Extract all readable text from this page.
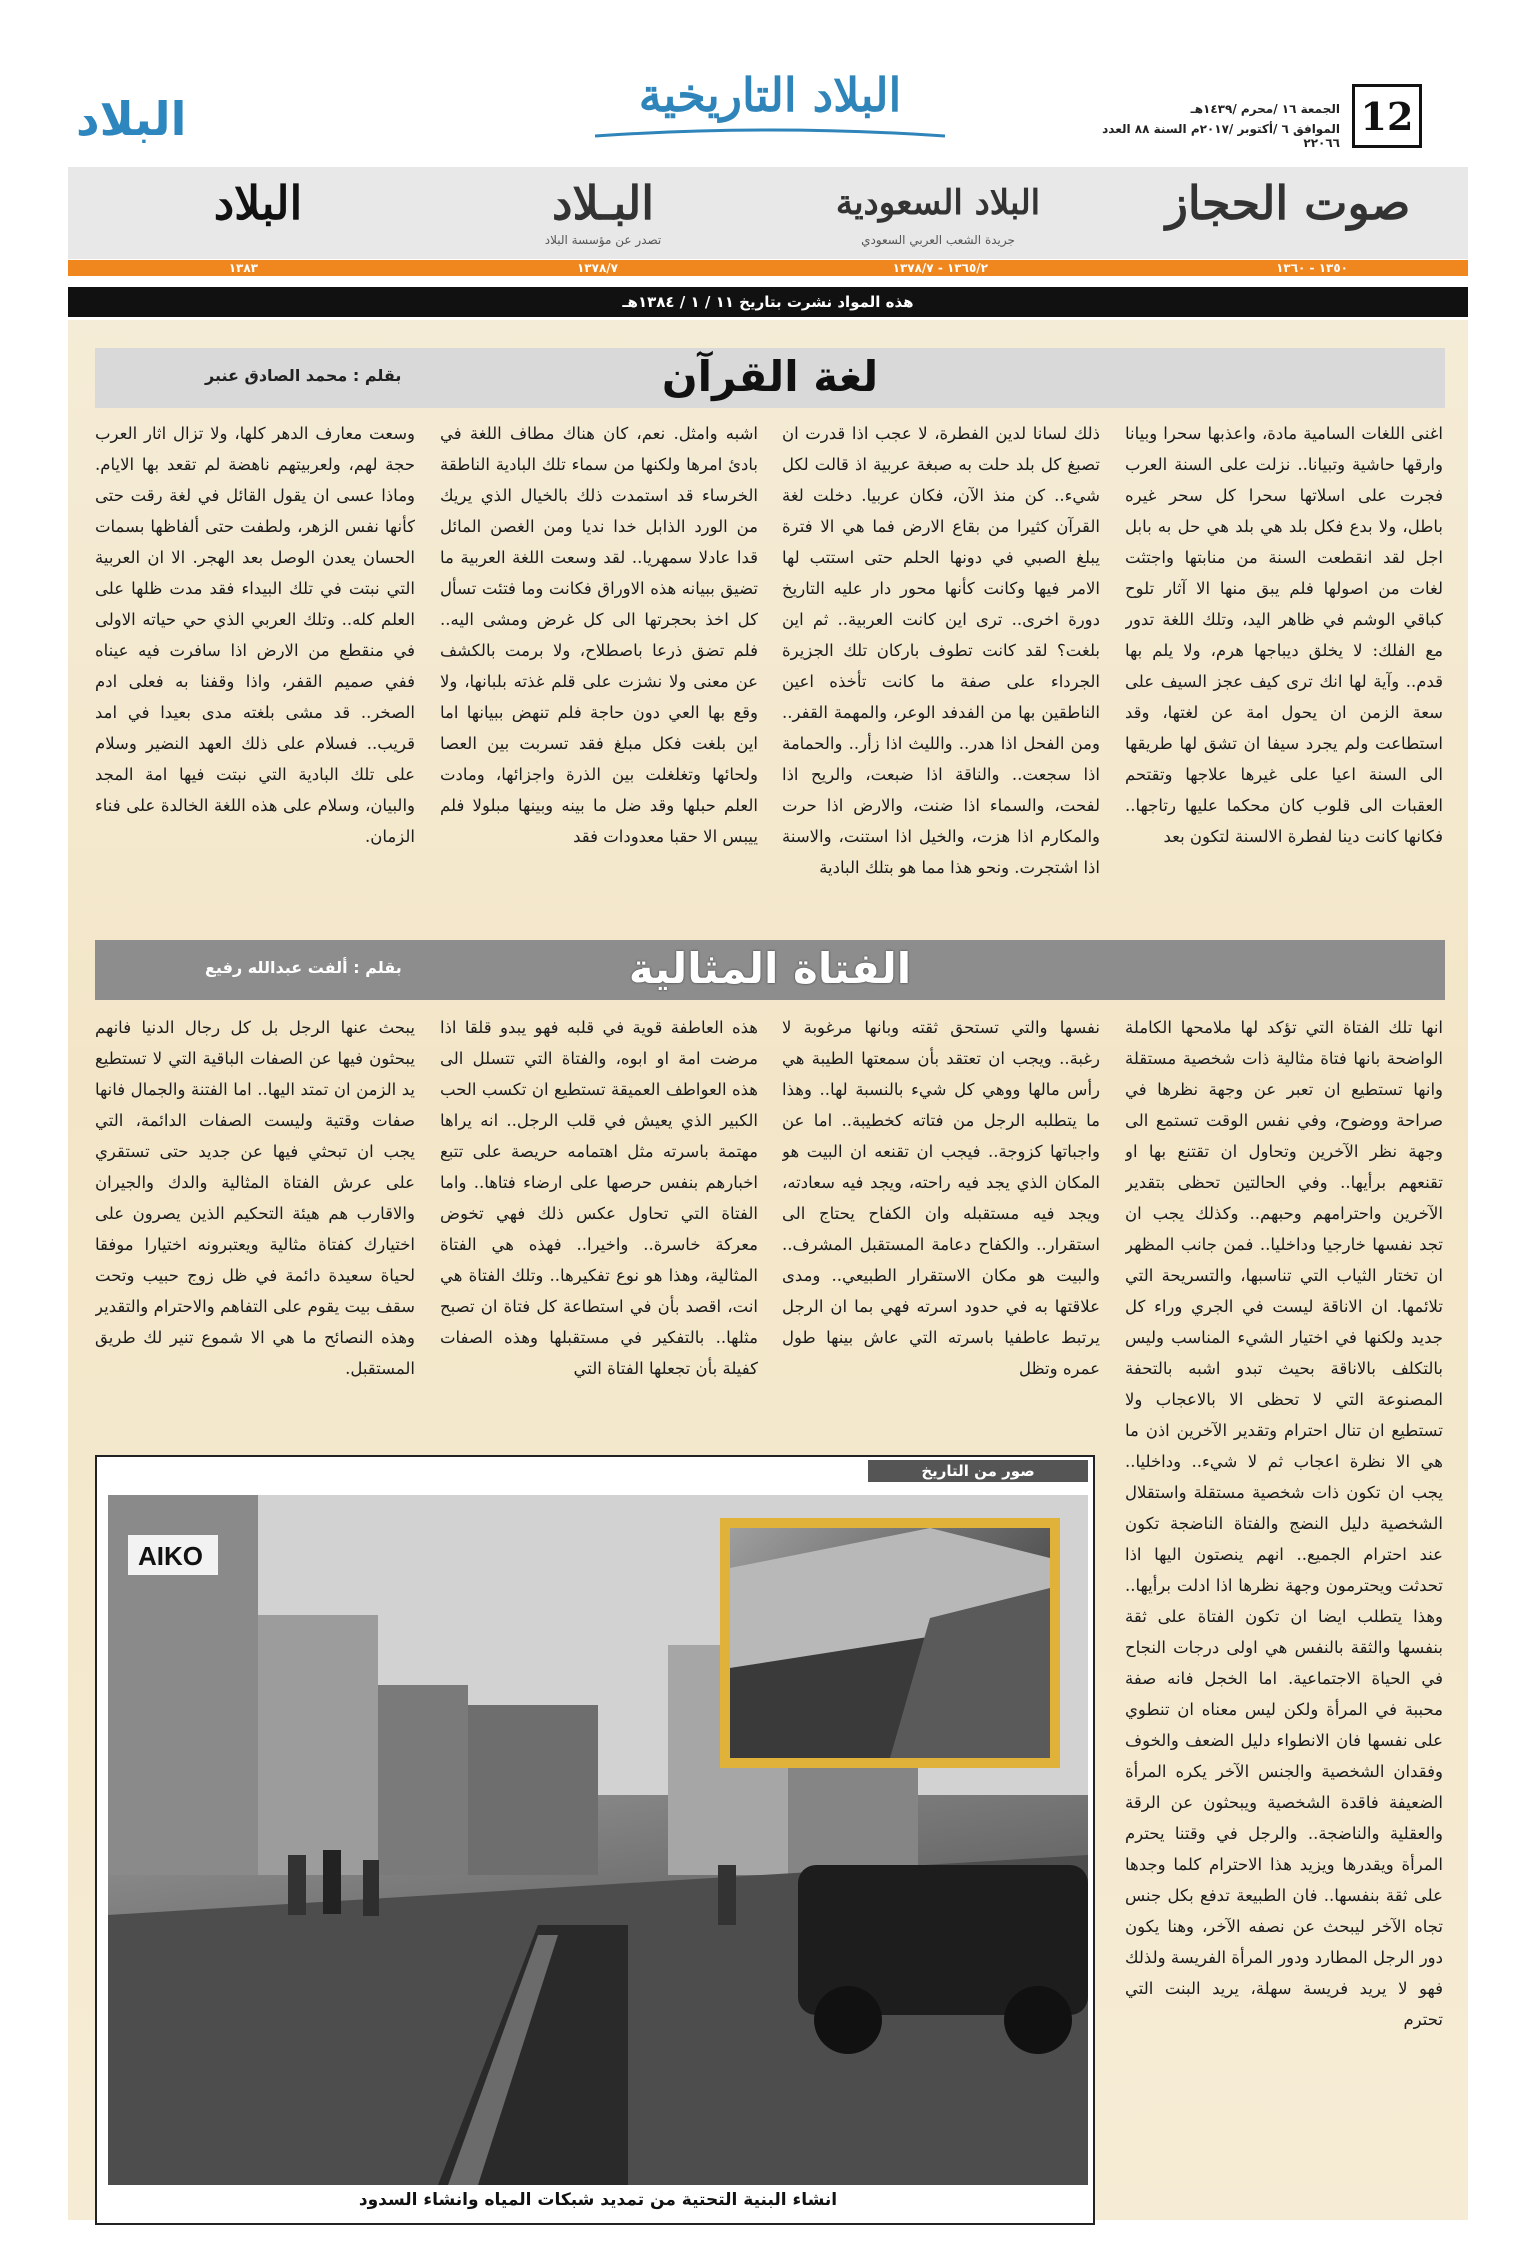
12
الجمعة ١٦ /محرم /١٤٣٩هـ
الموافق ٦ /أكتوبر /٢٠١٧م السنة ٨٨ العدد ٢٢٠٦٦
البلاد التاريخية
البلاد
صوت الحجاز
البلاد السعودية
جريدة الشعب العربي السعودي
البـلاد
تصدر عن مؤسسة البلاد
البلاد
١٣٥٠ - ١٣٦٠
١٣٦٥/٢ - ١٣٧٨/٧
١٣٧٨/٧
١٣٨٣
هذه المواد نشرت بتاريخ ١١ / ١ / ١٣٨٤هـ
لغة القرآن
بقلم : محمد الصادق عنبر
اغنى اللغات السامية مادة، واعذبها سحرا وبيانا وارقها حاشية وتبيانا.. نزلت على السنة العرب فجرت على اسلاتها سحرا كل سحر غيره باطل، ولا بدع فكل بلد هي بلد هي حل به بابل اجل لقد انقطعت السنة من منابتها واجتثت لغات من اصولها فلم يبق منها الا آثار تلوح كباقي الوشم في ظاهر اليد، وتلك اللغة تدور مع الفلك: لا يخلق ديباجها هرم، ولا يلم بها قدم.. وآية لها انك ترى كيف عجز السيف على سعة الزمن ان يحول امة عن لغتها، وقد استطاعت ولم يجرد سيفا ان تشق لها طريقها الى السنة اعيا على غيرها علاجها وتقتحم العقبات الى قلوب كان محكما عليها رتاجها.. فكانها كانت دينا لفطرة الالسنة لتكون بعد
ذلك لسانا لدين الفطرة، لا عجب اذا قدرت ان تصبغ كل بلد حلت به صبغة عربية اذ قالت لكل شيء.. كن منذ الآن، فكان عربيا. دخلت لغة القرآن كثيرا من بقاع الارض فما هي الا فترة يبلغ الصبي في دونها الحلم حتى استتب لها الامر فيها وكانت كأنها محور دار عليه التاريخ دورة اخرى.. ترى اين كانت العربية.. ثم اين بلغت؟ لقد كانت تطوف باركان تلك الجزيرة الجرداء على صفة ما كانت تأخذه اعين الناطقين بها من الفدفد الوعر، والمهمة القفر.. ومن الفحل اذا هدر.. والليث اذا زأر.. والحمامة اذا سجعت.. والناقة اذا ضبعت، والريح اذا لفحت، والسماء اذا ضنت، والارض اذا حرت والمكارم اذا هزت، والخيل اذا استنت، والاسنة اذا اشتجرت. ونحو هذا مما هو بتلك البادية
اشبه وامثل. نعم، كان هناك مطاف اللغة في بادئ امرها ولكنها من سماء تلك البادية الناطقة الخرساء قد استمدت ذلك بالخيال الذي يريك من الورد الذابل خدا نديا ومن الغصن المائل قدا عادلا سمهريا.. لقد وسعت اللغة العربية ما تضيق ببيانه هذه الاوراق فكانت وما فتئت تسأل كل اخذ بحجرتها الى كل غرض ومشى اليه.. فلم تضق ذرعا باصطلاح، ولا برمت بالكشف عن معنى ولا نشزت على قلم غذته بلبانها، ولا وقع بها العي دون حاجة فلم تنهض ببيانها اما اين بلغت فكل مبلغ فقد تسربت بين العصا ولحائها وتغلغلت بين الذرة واجزائها، ومادت العلم حبلها وقد ضل ما بينه وبينها مبلولا فلم ييبس الا حقبا معدودات فقد
وسعت معارف الدهر كلها، ولا تزال اثار العرب حجة لهم، ولعربيتهم ناهضة لم تقعد بها الايام. وماذا عسى ان يقول القائل في لغة رقت حتى كأنها نفس الزهر، ولطفت حتى ألفاظها بسمات الحسان يعدن الوصل بعد الهجر. الا ان العربية التي نبتت في تلك البيداء فقد مدت ظلها على العلم كله.. وتلك العربي الذي حي حياته الاولى في منقطع من الارض اذا سافرت فيه عيناه ففي صميم القفر، واذا وقفنا به فعلى ادم الصخر.. قد مشى بلغته مدى بعيدا في امد قريب.. فسلام على ذلك العهد النضير وسلام على تلك البادية التي نبتت فيها امة المجد والبيان، وسلام على هذه اللغة الخالدة على فناء الزمان.
الفتاة المثالية
بقلم : ألفت عبدالله رفيع
انها تلك الفتاة التي تؤكد لها ملامحها الكاملة الواضحة بانها فتاة مثالية ذات شخصية مستقلة وانها تستطيع ان تعبر عن وجهة نظرها في صراحة ووضوح، وفي نفس الوقت تستمع الى وجهة نظر الآخرين وتحاول ان تقتنع بها او تقنعهم برأيها.. وفي الحالتين تحظى بتقدير الآخرين واحترامهم وحبهم.. وكذلك يجب ان تجد نفسها خارجيا وداخليا.. فمن جانب المظهر ان تختار الثياب التي تناسبها، والتسريحة التي تلائمها. ان الاناقة ليست في الجري وراء كل جديد ولكنها في اختيار الشيء المناسب وليس بالتكلف بالاناقة بحيث تبدو اشبه بالتحفة المصنوعة التي لا تحظى الا بالاعجاب ولا تستطيع ان تنال احترام وتقدير الآخرين اذن ما هي الا نظرة اعجاب ثم لا شيء.. وداخليا.. يجب ان تكون ذات شخصية مستقلة واستقلال الشخصية دليل النضج والفتاة الناضجة تكون عند احترام الجميع.. انهم ينصتون اليها اذا تحدثت ويحترمون وجهة نظرها اذا ادلت برأيها.. وهذا يتطلب ايضا ان تكون الفتاة على ثقة بنفسها والثقة بالنفس هي اولى درجات النجاح في الحياة الاجتماعية. اما الخجل فانه صفة محببة في المرأة ولكن ليس معناه ان تنطوي على نفسها فان الانطواء دليل الضعف والخوف وفقدان الشخصية والجنس الآخر يكره المرأة الضعيفة فاقدة الشخصية ويبحثون عن الرقة والعقلية والناضجة.. والرجل في وقتنا يحترم المرأة ويقدرها ويزيد هذا الاحترام كلما وجدها على ثقة بنفسها.. فان الطبيعة تدفع بكل جنس تجاه الآخر ليبحث عن نصفه الآخر، وهنا يكون دور الرجل المطارد ودور المرأة الفريسة ولذلك فهو لا يريد فريسة سهلة، يريد البنت التي تحترم
نفسها والتي تستحق ثقته وبانها مرغوبة لا رغبة.. ويجب ان تعتقد بأن سمعتها الطيبة هي رأس مالها ووهي كل شيء بالنسبة لها.. وهذا ما يتطلبه الرجل من فتاته كخطيبة.. اما عن واجباتها كزوجة.. فيجب ان تقنعه ان البيت هو المكان الذي يجد فيه راحته، ويجد فيه سعادته، ويجد فيه مستقبله وان الكفاح يحتاج الى استقرار.. والكفاح دعامة المستقبل المشرف.. والبيت هو مكان الاستقرار الطبيعي.. ومدى علاقتها به في حدود اسرته فهي بما ان الرجل يرتبط عاطفيا باسرته التي عاش بينها طول عمره وتظل
هذه العاطفة قوية في قلبه فهو يبدو قلقا اذا مرضت امة او ابوه، والفتاة التي تتسلل الى هذه العواطف العميقة تستطيع ان تكسب الحب الكبير الذي يعيش في قلب الرجل.. انه يراها مهتمة باسرته مثل اهتمامه حريصة على تتبع اخبارهم بنفس حرصها على ارضاء فتاها.. واما الفتاة التي تحاول عكس ذلك فهي تخوض معركة خاسرة.. واخيرا.. فهذه هي الفتاة المثالية، وهذا هو نوع تفكيرها.. وتلك الفتاة هي انت، اقصد بأن في استطاعة كل فتاة ان تصبح مثلها.. بالتفكير في مستقبلها وهذه الصفات كفيلة بأن تجعلها الفتاة التي
يبحث عنها الرجل بل كل رجال الدنيا فانهم يبحثون فيها عن الصفات الباقية التي لا تستطيع يد الزمن ان تمتد اليها.. اما الفتنة والجمال فانها صفات وقتية وليست الصفات الدائمة، التي يجب ان تبحثي فيها عن جديد حتى تستقري على عرش الفتاة المثالية والدك والجيران والاقارب هم هيئة التحكيم الذين يصرون على اختيارك كفتاة مثالية ويعتبرونه اختيارا موفقا لحياة سعيدة دائمة في ظل زوج حبيب وتحت سقف بيت يقوم على التفاهم والاحترام والتقدير وهذه النصائح ما هي الا شموع تنير لك طريق المستقبل.
صور من التاريخ
AIKO
انشاء البنية التحتية من تمديد شبكات المياه وانشاء السدود
